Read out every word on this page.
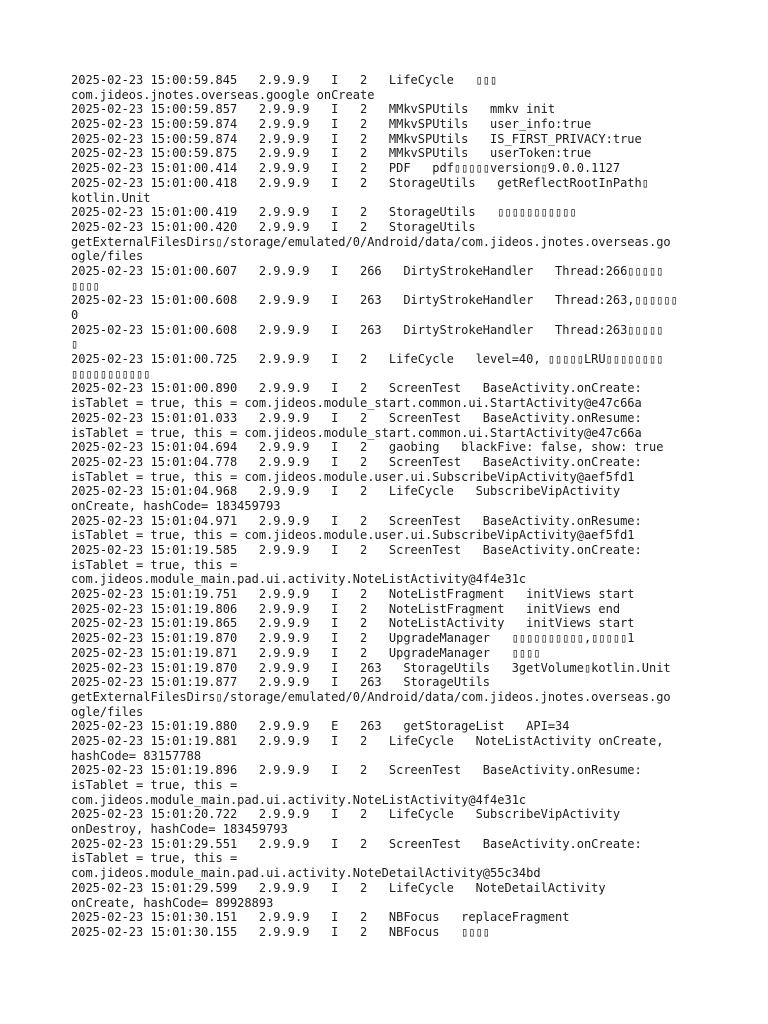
2025-02-23 15:00:59.845   2.9.9.9   I   2   LifeCycle   ▯▯▯
com.jideos.jnotes.overseas.google onCreate
2025-02-23 15:00:59.857   2.9.9.9   I   2   MMkvSPUtils   mmkv init
2025-02-23 15:00:59.874   2.9.9.9   I   2   MMkvSPUtils   user_info:true
2025-02-23 15:00:59.874   2.9.9.9   I   2   MMkvSPUtils   IS_FIRST_PRIVACY:true
2025-02-23 15:00:59.875   2.9.9.9   I   2   MMkvSPUtils   userToken:true
2025-02-23 15:01:00.414   2.9.9.9   I   2   PDF   pdf▯▯▯▯▯version▯9.0.0.1127
2025-02-23 15:01:00.418   2.9.9.9   I   2   StorageUtils   getReflectRootInPath▯
kotlin.Unit
2025-02-23 15:01:00.419   2.9.9.9   I   2   StorageUtils   ▯▯▯▯▯▯▯▯▯▯▯
2025-02-23 15:01:00.420   2.9.9.9   I   2   StorageUtils
getExternalFilesDirs▯/storage/emulated/0/Android/data/com.jideos.jnotes.overseas.go
ogle/files
2025-02-23 15:01:00.607   2.9.9.9   I   266   DirtyStrokeHandler   Thread:266▯▯▯▯▯
▯▯▯▯
2025-02-23 15:01:00.608   2.9.9.9   I   263   DirtyStrokeHandler   Thread:263,▯▯▯▯▯▯
0
2025-02-23 15:01:00.608   2.9.9.9   I   263   DirtyStrokeHandler   Thread:263▯▯▯▯▯
▯
2025-02-23 15:01:00.725   2.9.9.9   I   2   LifeCycle   level=40, ▯▯▯▯▯LRU▯▯▯▯▯▯▯▯
▯▯▯▯▯▯▯▯▯▯▯
2025-02-23 15:01:00.890   2.9.9.9   I   2   ScreenTest   BaseActivity.onCreate:
isTablet = true, this = com.jideos.module_start.common.ui.StartActivity@e47c66a
2025-02-23 15:01:01.033   2.9.9.9   I   2   ScreenTest   BaseActivity.onResume:
isTablet = true, this = com.jideos.module_start.common.ui.StartActivity@e47c66a
2025-02-23 15:01:04.694   2.9.9.9   I   2   gaobing   blackFive: false, show: true
2025-02-23 15:01:04.778   2.9.9.9   I   2   ScreenTest   BaseActivity.onCreate:
isTablet = true, this = com.jideos.module.user.ui.SubscribeVipActivity@aef5fd1
2025-02-23 15:01:04.968   2.9.9.9   I   2   LifeCycle   SubscribeVipActivity
onCreate, hashCode= 183459793
2025-02-23 15:01:04.971   2.9.9.9   I   2   ScreenTest   BaseActivity.onResume:
isTablet = true, this = com.jideos.module.user.ui.SubscribeVipActivity@aef5fd1
2025-02-23 15:01:19.585   2.9.9.9   I   2   ScreenTest   BaseActivity.onCreate:
isTablet = true, this =
com.jideos.module_main.pad.ui.activity.NoteListActivity@4f4e31c
2025-02-23 15:01:19.751   2.9.9.9   I   2   NoteListFragment   initViews start
2025-02-23 15:01:19.806   2.9.9.9   I   2   NoteListFragment   initViews end
2025-02-23 15:01:19.865   2.9.9.9   I   2   NoteListActivity   initViews start
2025-02-23 15:01:19.870   2.9.9.9   I   2   UpgradeManager   ▯▯▯▯▯▯▯▯▯▯,▯▯▯▯▯1
2025-02-23 15:01:19.871   2.9.9.9   I   2   UpgradeManager   ▯▯▯▯
2025-02-23 15:01:19.870   2.9.9.9   I   263   StorageUtils   3getVolume▯kotlin.Unit
2025-02-23 15:01:19.877   2.9.9.9   I   263   StorageUtils
getExternalFilesDirs▯/storage/emulated/0/Android/data/com.jideos.jnotes.overseas.go
ogle/files
2025-02-23 15:01:19.880   2.9.9.9   E   263   getStorageList   API=34
2025-02-23 15:01:19.881   2.9.9.9   I   2   LifeCycle   NoteListActivity onCreate,
hashCode= 83157788
2025-02-23 15:01:19.896   2.9.9.9   I   2   ScreenTest   BaseActivity.onResume:
isTablet = true, this =
com.jideos.module_main.pad.ui.activity.NoteListActivity@4f4e31c
2025-02-23 15:01:20.722   2.9.9.9   I   2   LifeCycle   SubscribeVipActivity
onDestroy, hashCode= 183459793
2025-02-23 15:01:29.551   2.9.9.9   I   2   ScreenTest   BaseActivity.onCreate:
isTablet = true, this =
com.jideos.module_main.pad.ui.activity.NoteDetailActivity@55c34bd
2025-02-23 15:01:29.599   2.9.9.9   I   2   LifeCycle   NoteDetailActivity
onCreate, hashCode= 89928893
2025-02-23 15:01:30.151   2.9.9.9   I   2   NBFocus   replaceFragment
2025-02-23 15:01:30.155   2.9.9.9   I   2   NBFocus   ▯▯▯▯
